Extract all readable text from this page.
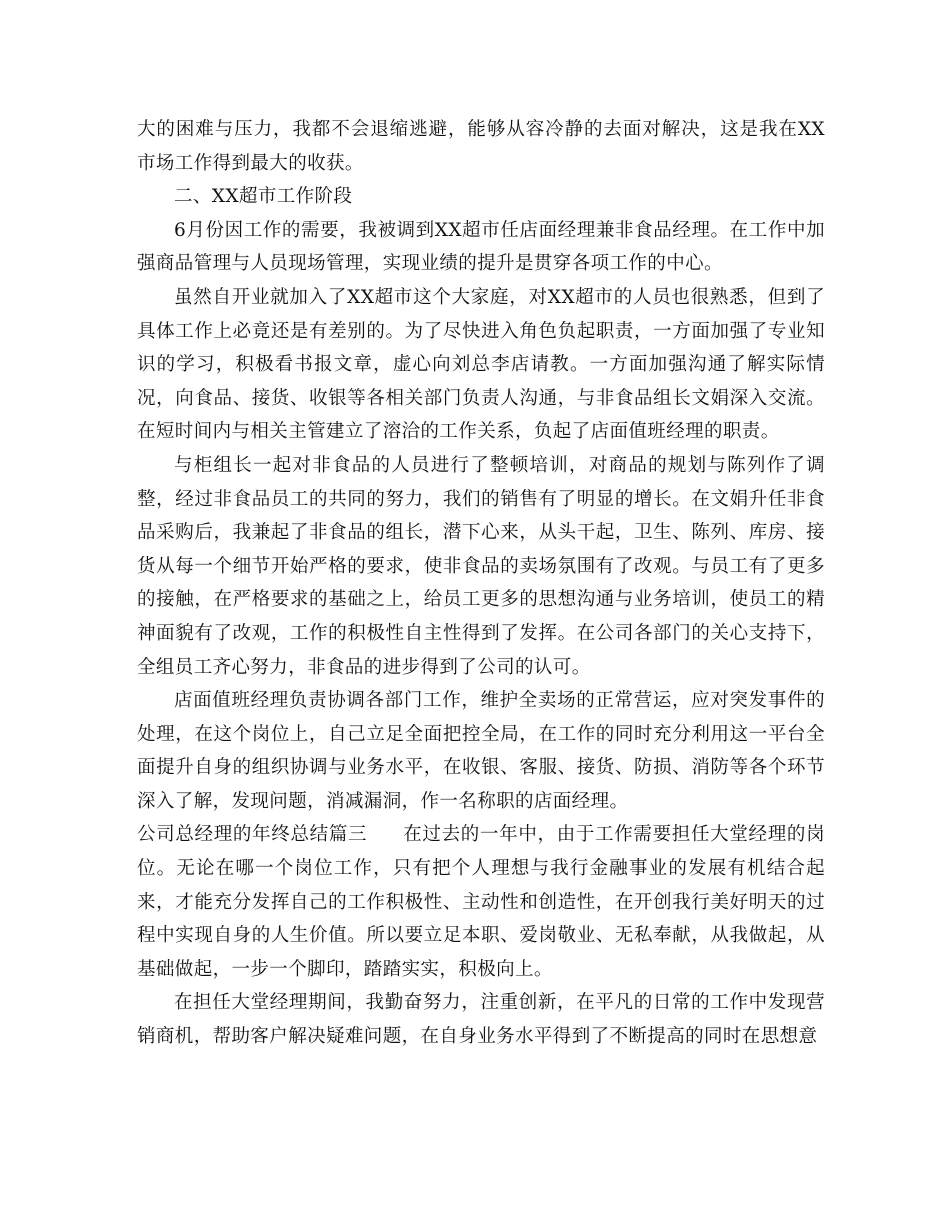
大的困难与压力，我都不会退缩逃避，能够从容冷静的去面对解决，这是我在XX市场工作得到最大的收获。

二、XX超市工作阶段

6月份因工作的需要，我被调到XX超市任店面经理兼非食品经理。在工作中加强商品管理与人员现场管理，实现业绩的提升是贯穿各项工作的中心。

虽然自开业就加入了XX超市这个大家庭，对XX超市的人员也很熟悉，但到了具体工作上必竟还是有差别的。为了尽快进入角色负起职责，一方面加强了专业知识的学习，积极看书报文章，虚心向刘总李店请教。一方面加强沟通了解实际情况，向食品、接货、收银等各相关部门负责人沟通，与非食品组长文娟深入交流。在短时间内与相关主管建立了溶洽的工作关系，负起了店面值班经理的职责。

与柜组长一起对非食品的人员进行了整顿培训，对商品的规划与陈列作了调整，经过非食品员工的共同的努力，我们的销售有了明显的增长。在文娟升任非食品采购后，我兼起了非食品的组长，潜下心来，从头干起，卫生、陈列、库房、接货从每一个细节开始严格的要求，使非食品的卖场氛围有了改观。与员工有了更多的接触，在严格要求的基础之上，给员工更多的思想沟通与业务培训，使员工的精神面貌有了改观，工作的积极性自主性得到了发挥。在公司各部门的关心支持下，全组员工齐心努力，非食品的进步得到了公司的认可。

店面值班经理负责协调各部门工作，维护全卖场的正常营运，应对突发事件的处理，在这个岗位上，自己立足全面把控全局，在工作的同时充分利用这一平台全面提升自身的组织协调与业务水平，在收银、客服、接货、防损、消防等各个环节深入了解，发现问题，消减漏洞，作一名称职的店面经理。

公司总经理的年终总结篇三 在过去的一年中，由于工作需要担任大堂经理的岗位。无论在哪一个岗位工作，只有把个人理想与我行金融事业的发展有机结合起来，才能充分发挥自己的工作积极性、主动性和创造性，在开创我行美好明天的过程中实现自身的人生价值。所以要立足本职、爱岗敬业、无私奉献，从我做起，从基础做起，一步一个脚印，踏踏实实，积极向上。

在担任大堂经理期间，我勤奋努力，注重创新，在平凡的日常的工作中发现营销商机，帮助客户解决疑难问题，在自身业务水平得到了不断提高的同时在思想意
